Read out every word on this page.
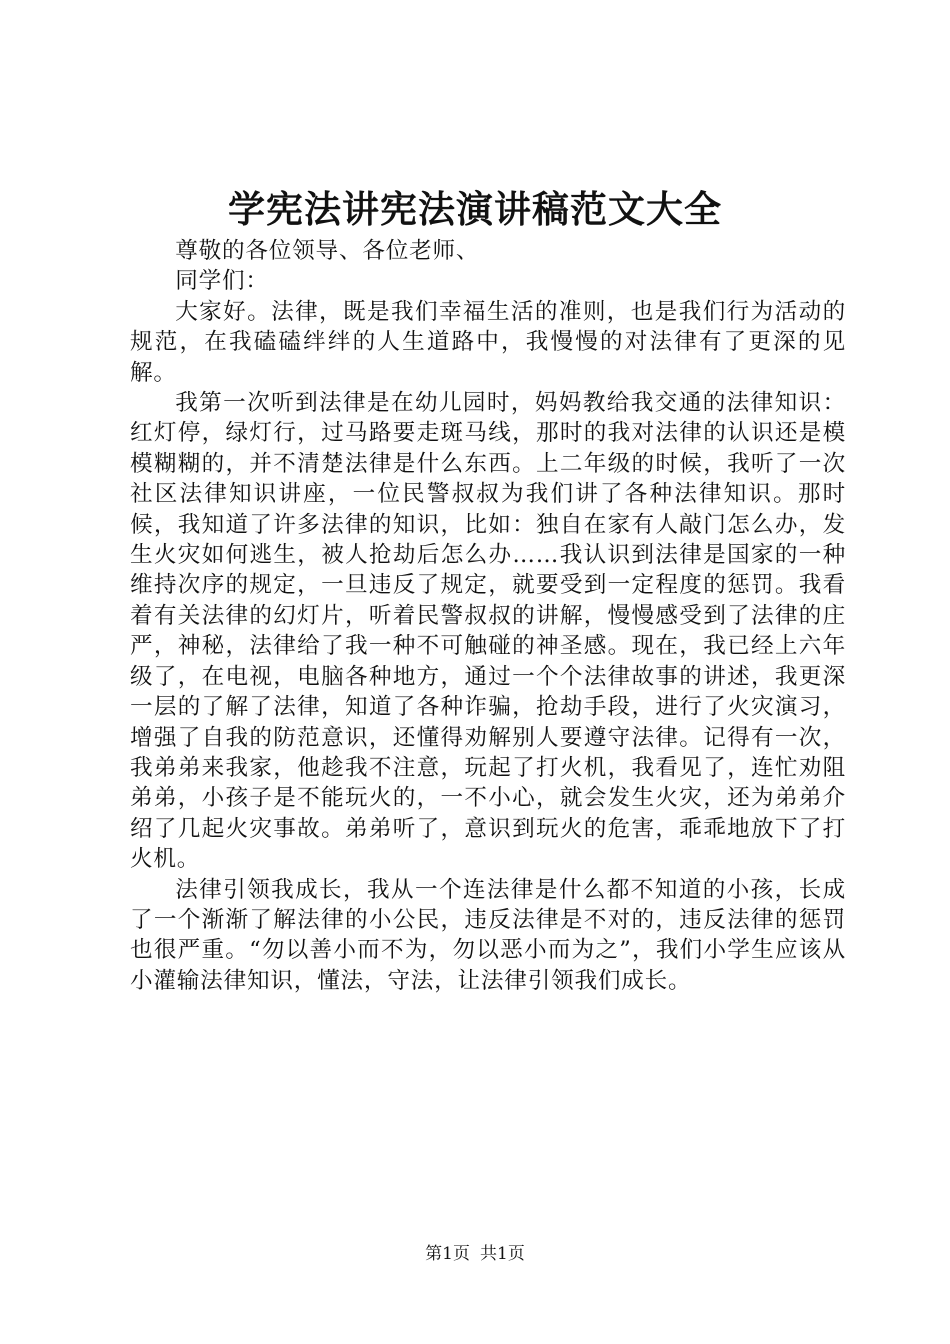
学宪法讲宪法演讲稿范文大全

尊敬的各位领导、各位老师、

同学们：

大家好。法律，既是我们幸福生活的准则，也是我们行为活动的规范，在我磕磕绊绊的人生道路中，我慢慢的对法律有了更深的见解。

我第一次听到法律是在幼儿园时，妈妈教给我交通的法律知识：红灯停，绿灯行，过马路要走斑马线，那时的我对法律的认识还是模模糊糊的，并不清楚法律是什么东西。上二年级的时候，我听了一次社区法律知识讲座，一位民警叔叔为我们讲了各种法律知识。那时候，我知道了许多法律的知识，比如：独自在家有人敲门怎么办，发生火灾如何逃生，被人抢劫后怎么办……我认识到法律是国家的一种维持次序的规定，一旦违反了规定，就要受到一定程度的惩罚。我看着有关法律的幻灯片，听着民警叔叔的讲解，慢慢感受到了法律的庄严，神秘，法律给了我一种不可触碰的神圣感。现在，我已经上六年级了，在电视，电脑各种地方，通过一个个法律故事的讲述，我更深一层的了解了法律，知道了各种诈骗，抢劫手段，进行了火灾演习，增强了自我的防范意识，还懂得劝解别人要遵守法律。记得有一次，我弟弟来我家，他趁我不注意，玩起了打火机，我看见了，连忙劝阻弟弟，小孩子是不能玩火的，一不小心，就会发生火灾，还为弟弟介绍了几起火灾事故。弟弟听了，意识到玩火的危害，乖乖地放下了打火机。

法律引领我成长，我从一个连法律是什么都不知道的小孩，长成了一个渐渐了解法律的小公民，违反法律是不对的，违反法律的惩罚也很严重。“勿以善小而不为，勿以恶小而为之”，我们小学生应该从小灌输法律知识，懂法，守法，让法律引领我们成长。

第1页 共1页
